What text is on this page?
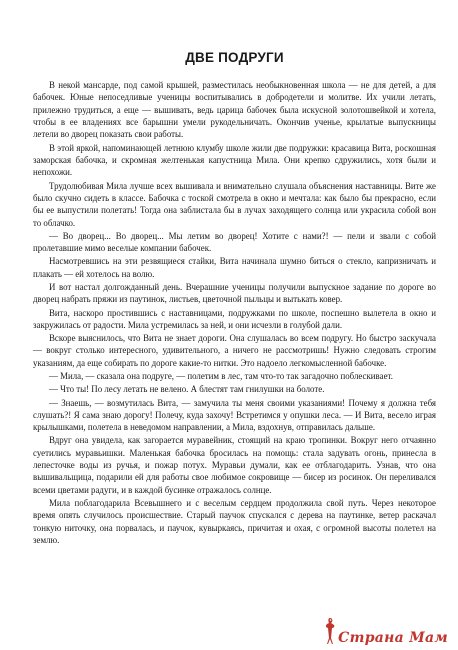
ДВЕ ПОДРУГИ

В некой мансарде, под самой крышей, разместилась необыкновенная школа — не для детей, а для бабочек. Юные непоседливые ученицы воспитывались в добродетели и молитве. Их учили летать, прилежно трудиться, а еще — вышивать, ведь царица бабочек была искусной золотошвейкой и хотела, чтобы в ее владениях все барышни умели рукодельничать. Окончив ученье, крылатые выпускницы летели во дворец показать свои работы.

В этой яркой, напоминающей летнюю клумбу школе жили две подружки: красавица Вита, роскошная заморская бабочка, и скромная желтенькая капустница Мила. Они крепко сдружились, хотя были и непохожи.

Трудолюбивая Мила лучше всех вышивала и внимательно слушала объяснения наставницы. Вите же было скучно сидеть в классе. Бабочка с тоской смотрела в окно и мечтала: как было бы прекрасно, если бы ее выпустили полетать! Тогда она заблистала бы в лучах заходящего солнца или украсила собой вон то облачко.

— Во дворец... Во дворец... Мы летим во дворец! Хотите с нами?! — пели и звали с собой пролетавшие мимо веселые компании бабочек.

Насмотревшись на эти резвящиеся стайки, Вита начинала шумно биться о стекло, капризничать и плакать — ей хотелось на волю.

И вот настал долгожданный день. Вчерашние ученицы получили выпускное задание по дороге во дворец набрать пряжи из паутинок, листьев, цветочной пыльцы и вытькать ковер.

Вита, наскоро простившись с наставницами, подружками по школе, поспешно вылетела в окно и закружилась от радости. Мила устремилась за ней, и они исчезли в голубой дали.

Вскоре выяснилось, что Вита не знает дороги. Она слушалась во всем подругу. Но быстро заскучала — вокруг столько интересного, удивительного, а ничего не рассмотришь! Нужно следовать строгим указаниям, да еще собирать по дороге какие-то нитки. Это надоело легкомысленной бабочке.

— Мила, — сказала она подруге, — полетим в лес, там что-то так загадочно поблескивает.

— Что ты! По лесу летать не велено. А блестят там гнилушки на болоте.

— Знаешь, — возмутилась Вита, — замучила ты меня своими указаниями! Почему я должна тебя слушать?! Я сама знаю дорогу! Полечу, куда захочу! Встретимся у опушки леса. — И Вита, весело играя крылышками, полетела в неведомом направлении, а Мила, вздохнув, отправилась дальше.

Вдруг она увидела, как загорается муравейник, стоящий на краю тропинки. Вокруг него отчаянно суетились муравьишки. Маленькая бабочка бросилась на помощь: стала задувать огонь, принесла в лепесточке воды из ручья, и пожар потух. Муравьи думали, как ее отблагодарить. Узнав, что она вышивальщица, подарили ей для работы свое любимое сокровище — бисер из росинок. Он переливался всеми цветами радуги, и в каждой бусинке отражалось солнце.

Мила поблагодарила Всевышнего и с веселым сердцем продолжила свой путь. Через некоторое время опять случилось происшествие. Старый паучок спускался с дерева на паутинке, ветер раскачал тонкую ниточку, она порвалась, и паучок, кувыркаясь, причитая и охая, с огромной высоты полетел на землю.

Страна Мам
